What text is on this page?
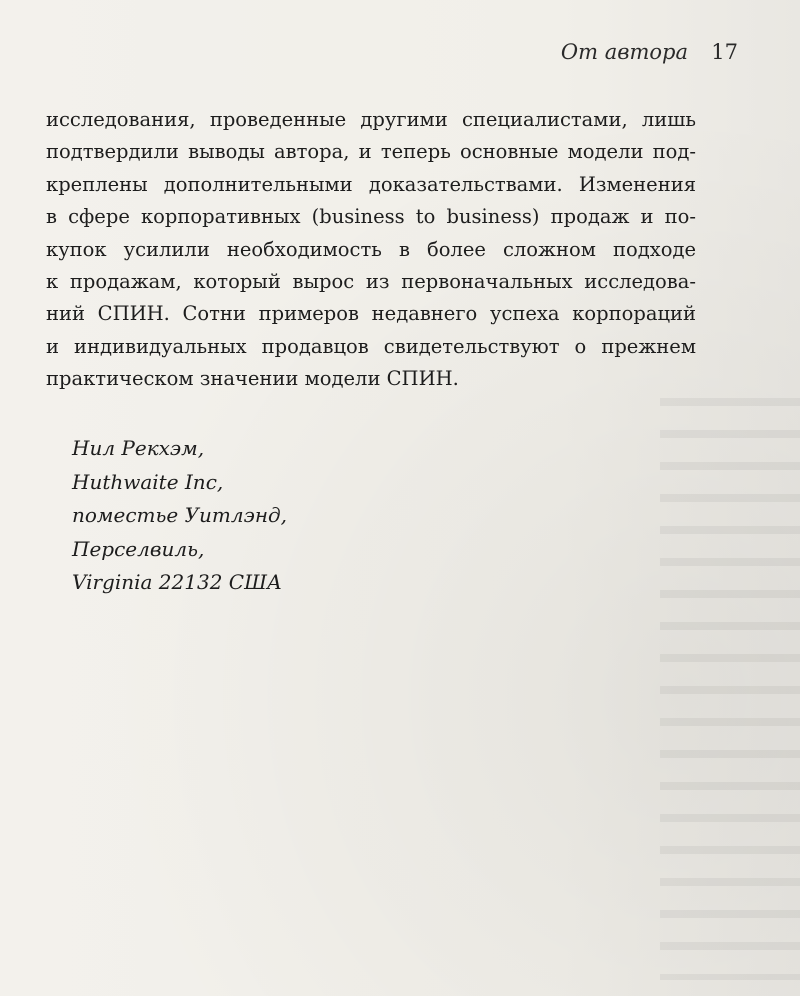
От автора 17

исследования, проведенные другими специалистами, лишь
подтвердили выводы автора, и теперь основные модели под-
креплены дополнительными доказательствами. Изменения
в сфере корпоративных (business to business) продаж и по-
купок усилили необходимость в более сложном подходе
к продажам, который вырос из первоначальных исследова-
ний СПИН. Сотни примеров недавнего успеха корпораций
и индивидуальных продавцов свидетельствуют о прежнем
практическом значении модели СПИН.

Нил Рекхэм,
Huthwaite Inc,
поместье Уитлэнд,
Перселвиль,
Virginia 22132 США
